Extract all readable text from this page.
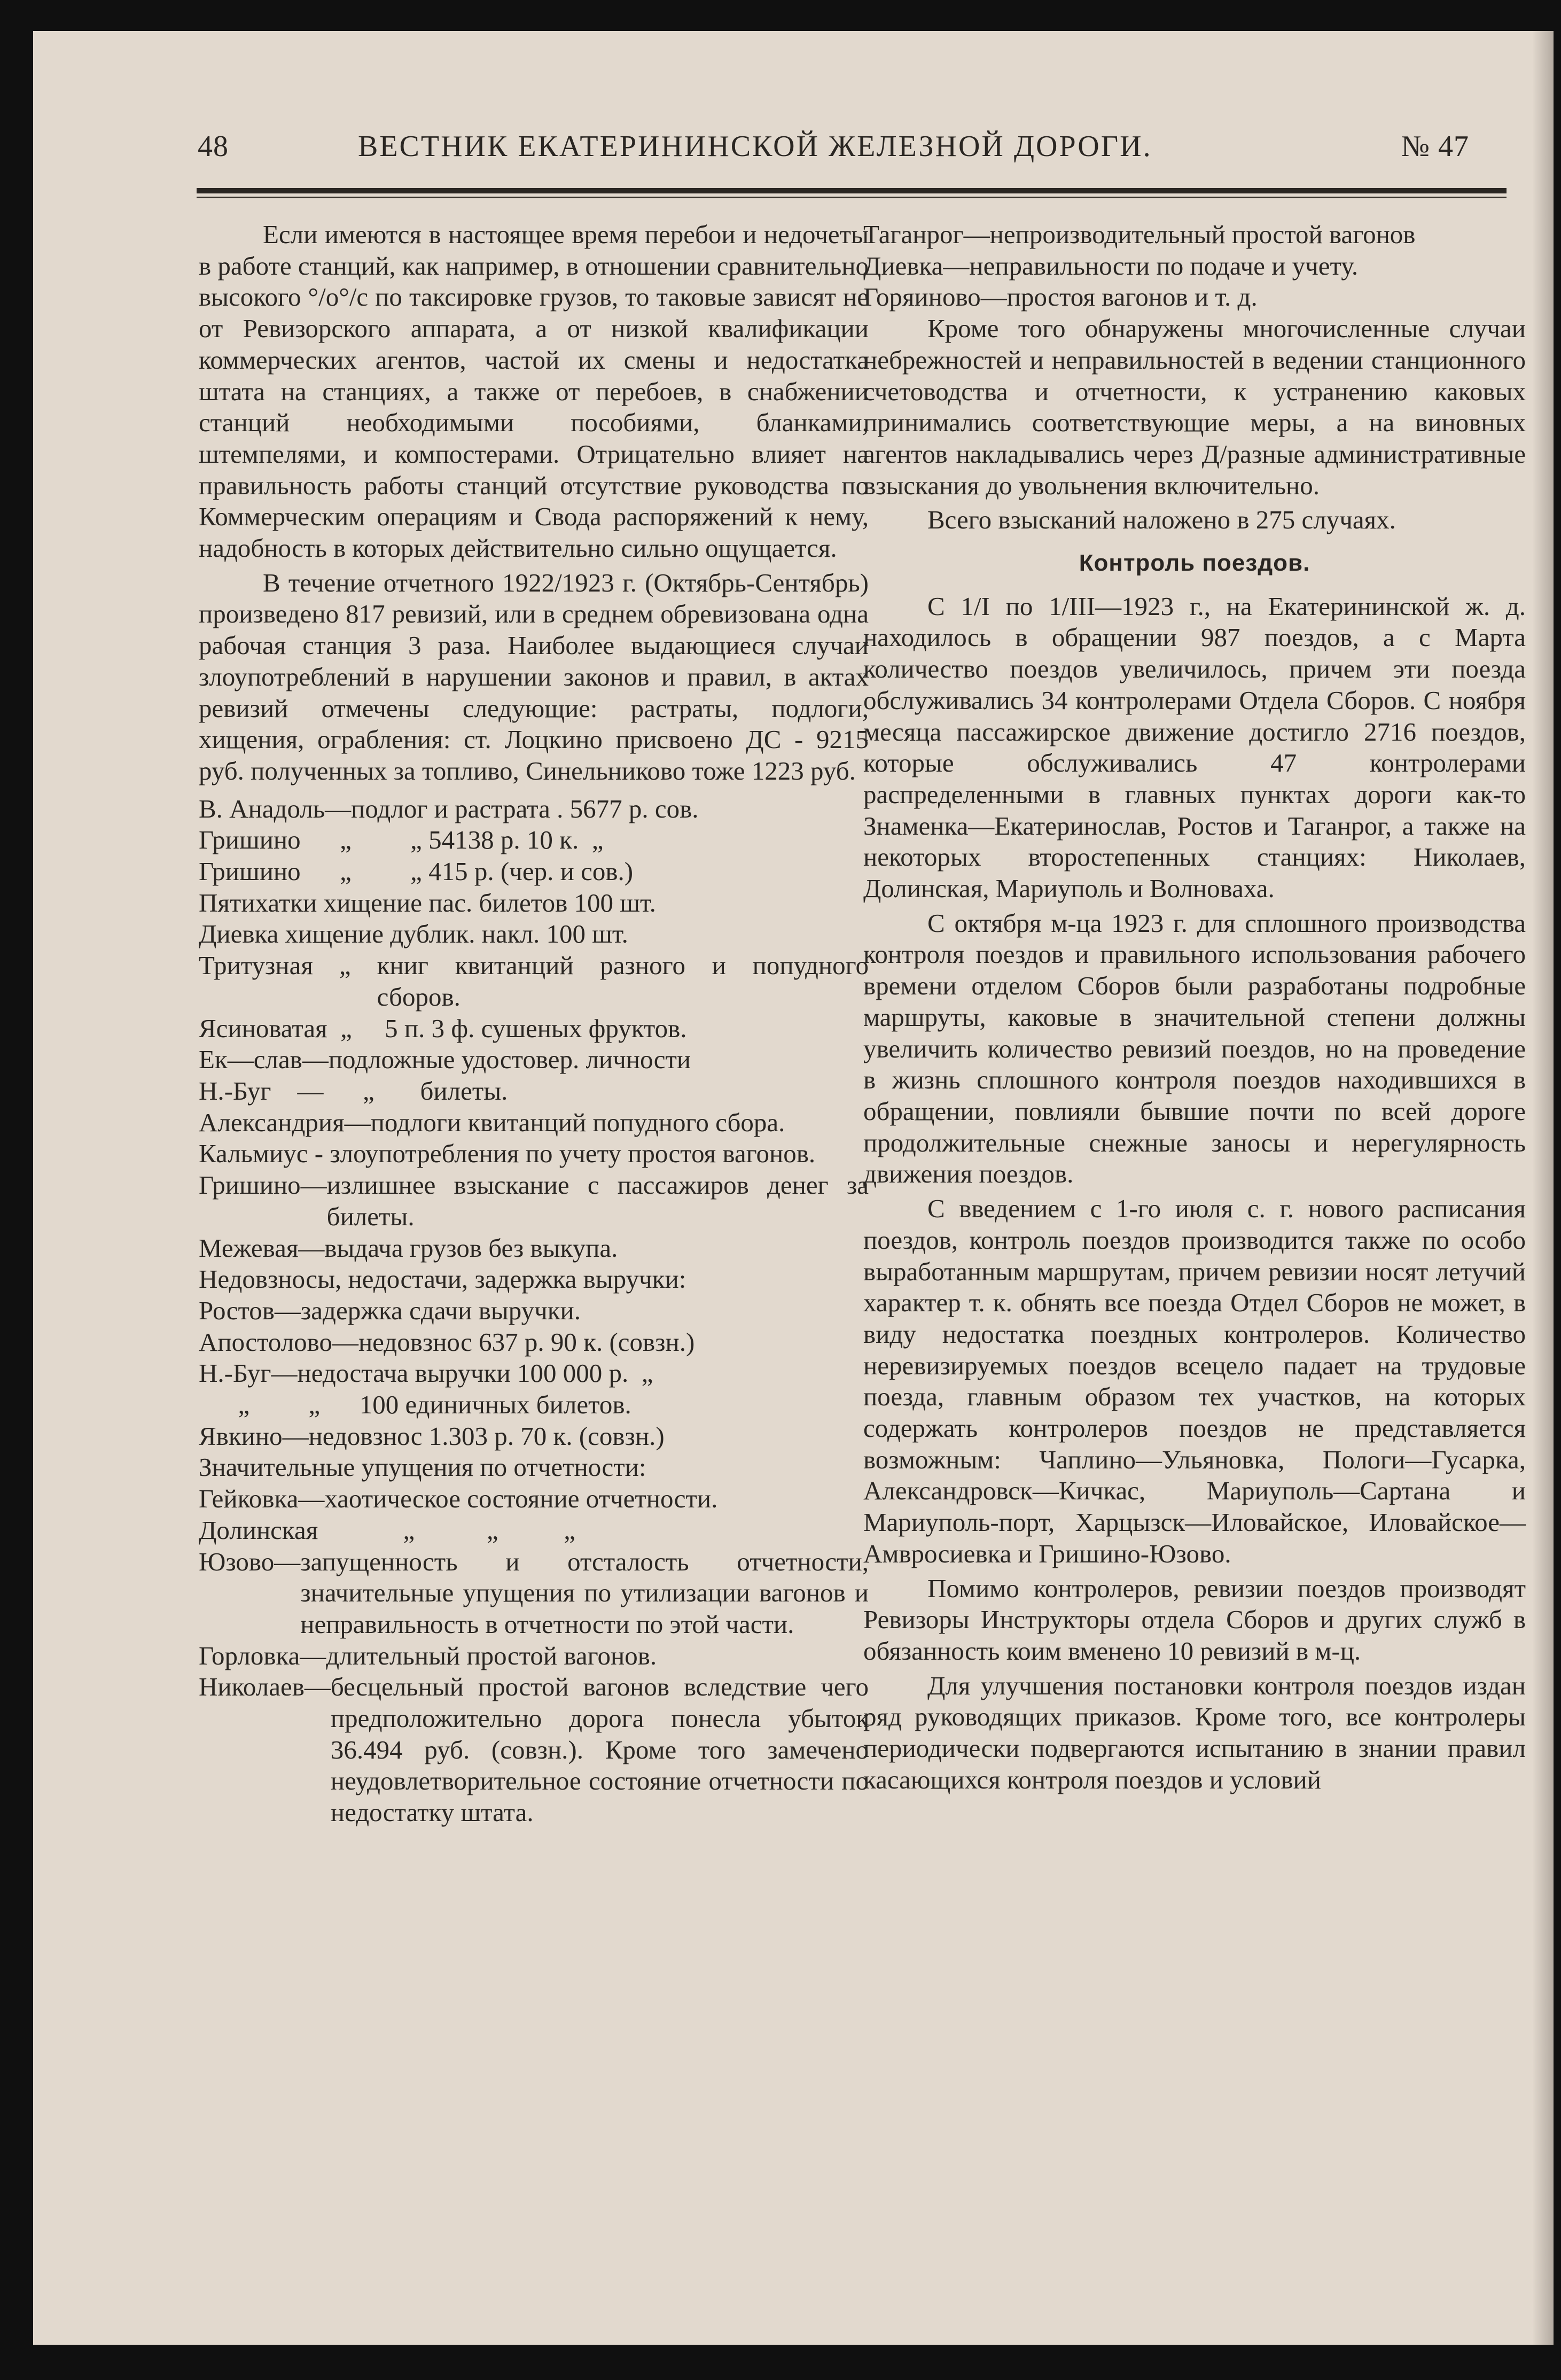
48	ВЕСТНИК ЕКАТЕРИНИНСКОЙ ЖЕЛЕЗНОЙ ДОРОГИ.	№ 47

Если имеются в настоящее время перебои и недочеты в работе станций, как например, в отношении сравнительно высокого °/о°/с по таксировке грузов, то таковые зависят не от Ревизорского аппарата, а от низкой квалификации коммерческих агентов, частой их смены и недостатка штата на станциях, а также от перебоев, в снабжении станций необходимыми пособиями, бланками, штемпелями, и компостерами. Отрицательно влияет на правильность работы станций отсутствие руководства по Коммерческим операциям и Свода распоряжений к нему, надобность в которых действительно сильно ощущается.

В течение отчетного 1922/1923 г. (Октябрь-Сентябрь) произведено 817 ревизий, или в среднем обревизована одна рабочая станция 3 раза. Наиболее выдающиеся случаи злоупотреблений в нарушении законов и правил, в актах ревизий отмечены следующие: растраты, подлоги, хищения, ограбления: ст. Лоцкино присвоено ДС - 9215 руб. полученных за топливо, Синельниково тоже 1223 руб.

В. Анадоль—подлог и растрата . 5677 р. сов.
Гришино      „         „ 54138 р. 10 к.  „
Гришино      „         „ 415 р. (чер. и сов.)
Пятихатки хищение пас. билетов 100 шт.
Диевка хищение дублик. накл. 100 шт.
Тритузная    „ книг квитанций разного и попудного сборов.
Ясиноватая  „     5 п. 3 ф. сушеных фруктов.
Ек—слав—подложные удостовер. личности
Н.-Буг    —      „       билеты.
Александрия— подлоги квитанций попудного сбора.
Кальмиус - злоупотребления по учету простоя вагонов.
Гришино— излишнее взыскание с пассажиров денег за билеты.
Межевая—выдача грузов без выкупа.
Недовзносы, недостачи, задержка выручки:
Ростов—задержка сдачи выручки.
Апостолово—недовзнос 637 р. 90 к. (совзн.)
Н.-Буг—недостача выручки 100 000 р.  „
„         „      100 единичных билетов.
Явкино—недовзнос 1.303 р. 70 к. (совзн.)
Значительные упущения по отчетности:
Гейковка—хаотическое состояние отчетности.
Долинская             „           „          „
Юзово— запущенность и отсталость отчетности, значительные упущения по утилизации вагонов и неправильность в отчетности по этой части.
Горловка—длительный простой вагонов.
Николаев— бесцельный простой вагонов вследствие чего предположительно дорога понесла убыток 36.494 руб. (совзн.). Кроме того замечено неудовлетворительное состояние отчетности по недостатку штата.
Таганрог— непроизводительный простой вагонов
Диевка—неправильности по подаче и учету.
Горяиново—простоя вагонов и т. д.

Кроме того обнаружены многочисленные случаи небрежностей и неправильностей в ведении станционного счетоводства и отчетности, к устранению каковых принимались соответствующие меры, а на виновных агентов накладывались через Д/разные административные взыскания до увольнения включительно.

Всего взысканий наложено в 275 случаях.

Контроль поездов.

С 1/I по 1/III—1923 г., на Екатерининской ж. д. находилось в обращении 987 поездов, а с Марта количество поездов увеличилось, причем эти поезда обслуживались 34 контролерами Отдела Сборов. С ноября месяца пассажирское движение достигло 2716 поездов, которые обслуживались 47 контролерами распределенными в главных пунктах дороги как-то Знаменка—Екатеринослав, Ростов и Таганрог, а также на некоторых второстепенных станциях: Николаев, Долинская, Мариуполь и Волноваха.

С октября м-ца 1923 г. для сплошного производства контроля поездов и правильного использования рабочего времени отделом Сборов были разработаны подробные маршруты, каковые в значительной степени должны увеличить количество ревизий поездов, но на проведение в жизнь сплошного контроля поездов находившихся в обращении, повлияли бывшие почти по всей дороге продолжительные снежные заносы и нерегулярность движения поездов.

С введением с 1-го июля с. г. нового расписания поездов, контроль поездов производится также по особо выработанным маршрутам, причем ревизии носят летучий характер т. к. обнять все поезда Отдел Сборов не может, в виду недостатка поездных контролеров. Количество неревизируемых поездов всецело падает на трудовые поезда, главным образом тех участков, на которых содержать контролеров поездов не представляется возможным: Чаплино—Ульяновка, Пологи—Гусарка, Александровск—Кичкас, Мариуполь—Сартана и Мариуполь-порт, Харцызск—Иловайское, Иловайское—Амвросиевка и Гришино-Юзово.

Помимо контролеров, ревизии поездов производят Ревизоры Инструкторы отдела Сборов и других служб в обязанность коим вменено 10 ревизий в м-ц.

Для улучшения постановки контроля поездов издан ряд руководящих приказов. Кроме того, все контролеры периодически подвергаются испытанию в знании правил касающихся контроля поездов и условий
